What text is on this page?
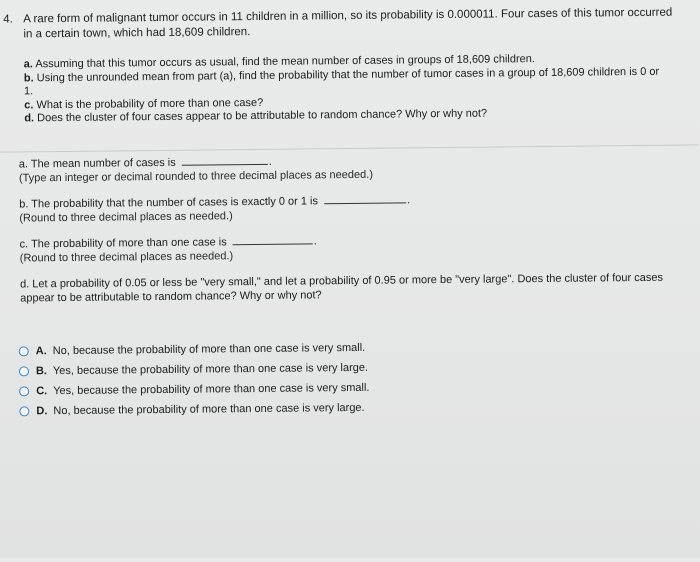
4. A rare form of malignant tumor occurs in 11 children in a million, so its probability is 0.000011. Four cases of this tumor occurred in a certain town, which had 18,609 children.
a. Assuming that this tumor occurs as usual, find the mean number of cases in groups of 18,609 children.
b. Using the unrounded mean from part (a), find the probability that the number of tumor cases in a group of 18,609 children is 0 or 1.
c. What is the probability of more than one case?
d. Does the cluster of four cases appear to be attributable to random chance? Why or why not?
a. The mean number of cases is	.
(Type an integer or decimal rounded to three decimal places as needed.)
b. The probability that the number of cases is exactly 0 or 1 is	.
(Round to three decimal places as needed.)
c. The probability of more than one case is	.
(Round to three decimal places as needed.)
d. Let a probability of 0.05 or less be "very small," and let a probability of 0.95 or more be "very large". Does the cluster of four cases appear to be attributable to random chance? Why or why not?
A. No, because the probability of more than one case is very small.
B. Yes, because the probability of more than one case is very large.
C. Yes, because the probability of more than one case is very small.
D. No, because the probability of more than one case is very large.
